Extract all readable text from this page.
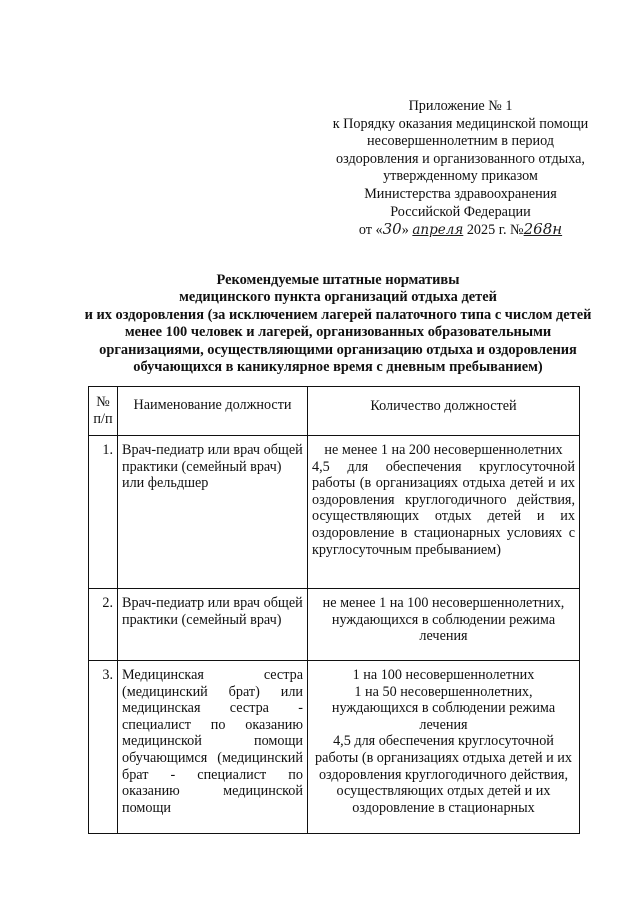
Приложение № 1
к Порядку оказания медицинской помощи
несовершеннолетним в период
оздоровления и организованного отдыха,
утвержденному приказом
Министерства здравоохранения
Российской Федерации
от «30» апреля 2025 г. №268н
Рекомендуемые штатные нормативы
медицинского пункта организаций отдыха детей
и их оздоровления (за исключением лагерей палаточного типа с числом детей
менее 100 человек и лагерей, организованных образовательными
организациями, осуществляющими организацию отдыха и оздоровления
обучающихся в каникулярное время с дневным пребыванием)
№
п/п	Наименование должности	Количество должностей
1.	Врач-педиатр или врач общей практики (семейный врач) или фельдшер	не менее 1 на 200 несовершеннолетних
4,5 для обеспечения круглосуточной работы (в организациях отдыха детей и их оздоровления круглогодичного действия, осуществляющих отдых детей и их оздоровление в стационарных условиях с круглосуточным пребыванием)

2.	Врач-педиатр или врач общей практики (семейный врач)	не менее 1 на 100 несовершеннолетних, нуждающихся в соблюдении режима лечения

3.	Медицинская сестра (медицинский брат) или медицинская сестра - специалист по оказанию медицинской помощи обучающимся (медицинский брат - специалист по оказанию медицинской помощи	1 на 100 несовершеннолетних
1 на 50 несовершеннолетних, нуждающихся в соблюдении режима лечения
4,5 для обеспечения круглосуточной работы (в организациях отдыха детей и их оздоровления круглогодичного действия, осуществляющих отдых детей и их оздоровление в стационарных
